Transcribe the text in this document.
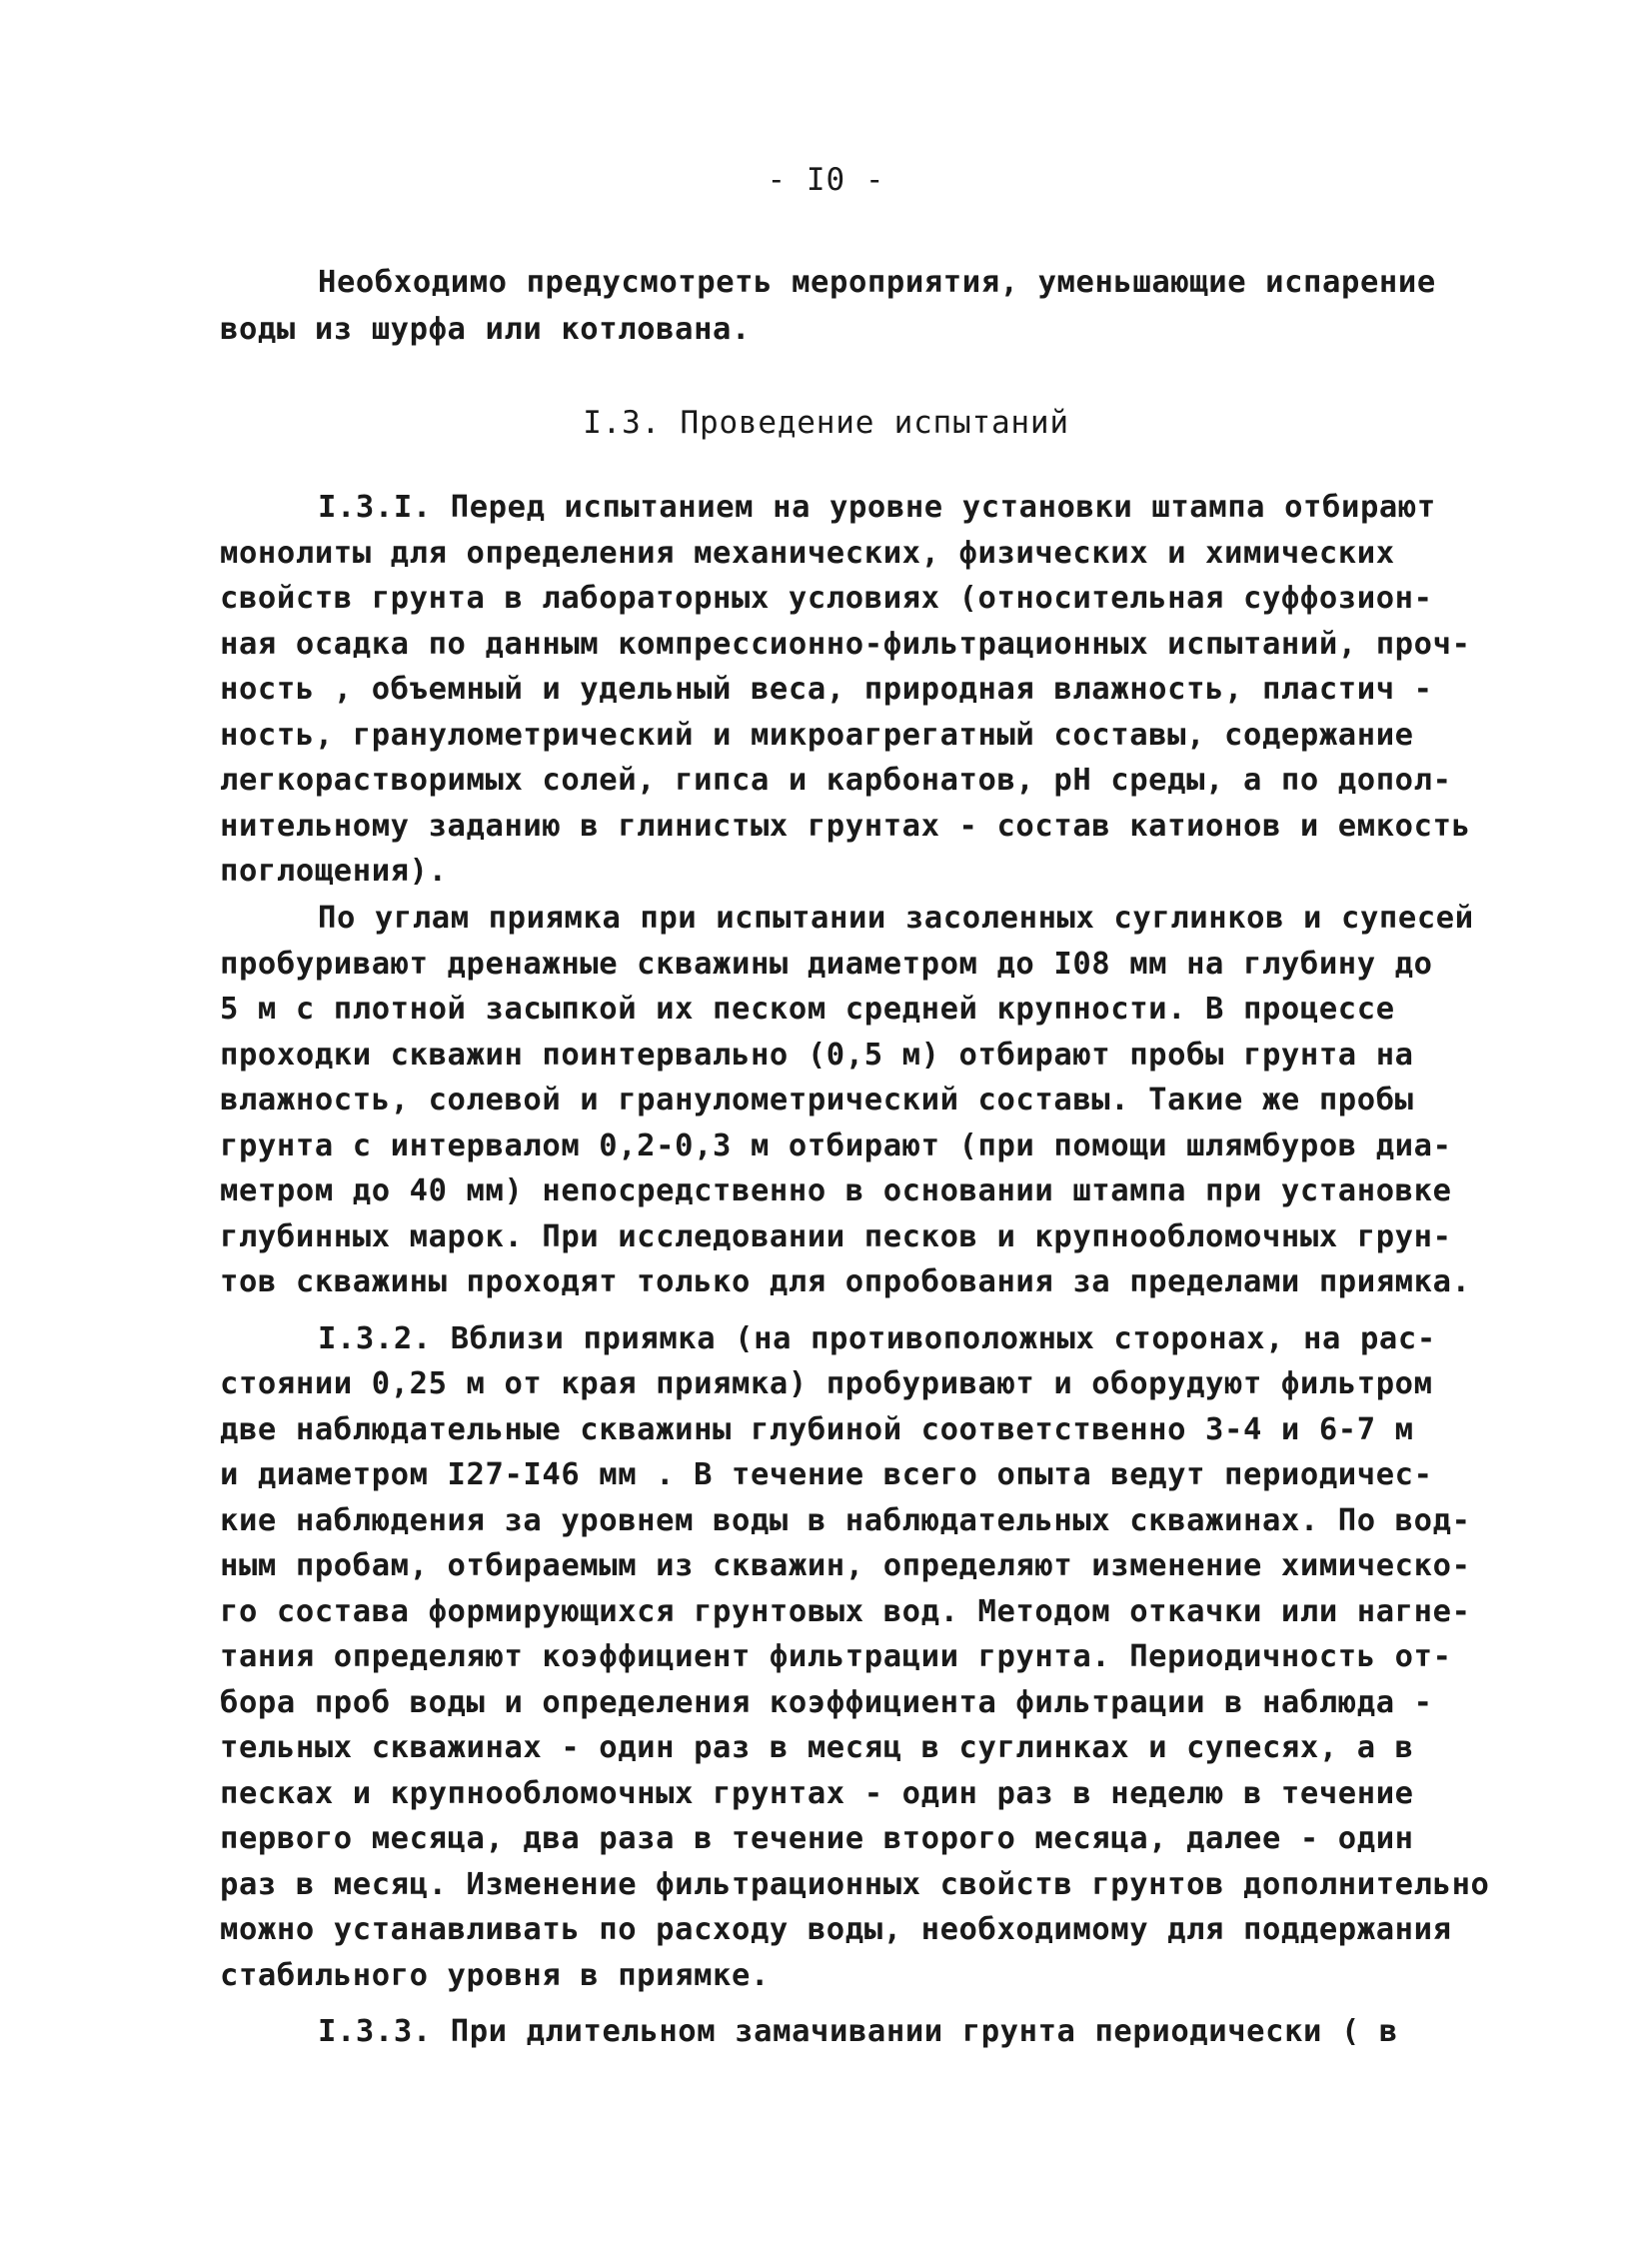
- I0 -
Необходимо предусмотреть мероприятия, уменьшающие испарение
воды из шурфа или котлована.
I.3. Проведение испытаний
I.3.I. Перед испытанием на уровне установки штампа отбирают
монолиты для определения механических, физических и химических
свойств грунта в лабораторных условиях (относительная суффозион-
ная осадка по данным компрессионно-фильтрационных испытаний, проч-
ность , объемный и удельный веса, природная влажность, пластич -
ность, гранулометрический и микроагрегатный составы, содержание
легкорастворимых солей, гипса и карбонатов, рН среды, а по допол-
нительному заданию в глинистых грунтах - состав катионов и емкость
поглощения).
По углам приямка при испытании засоленных суглинков и супесей
пробуривают дренажные скважины диаметром до I08 мм на глубину до
5 м с плотной засыпкой их песком средней крупности. В процессе
проходки скважин поинтервально (0,5 м) отбирают пробы грунта на
влажность, солевой и гранулометрический составы. Такие же пробы
грунта с интервалом 0,2-0,3 м отбирают (при помощи шлямбуров диа-
метром до 40 мм) непосредственно в основании штампа при установке
глубинных марок. При исследовании песков и крупнообломочных грун-
тов скважины проходят только для опробования за пределами приямка.
I.3.2. Вблизи приямка (на противоположных сторонах, на рас-
стоянии 0,25 м от края приямка) пробуривают и оборудуют фильтром
две наблюдательные скважины глубиной соответственно 3-4 и 6-7 м
и диаметром I27-I46 мм . В течение всего опыта ведут периодичес-
кие наблюдения за уровнем воды в наблюдательных скважинах. По вод-
ным пробам, отбираемым из скважин, определяют изменение химическо-
го состава формирующихся грунтовых вод. Методом откачки или нагне-
тания определяют коэффициент фильтрации грунта. Периодичность от-
бора проб воды и определения коэффициента фильтрации в наблюда -
тельных скважинах - один раз в месяц в суглинках и супесях, а в
песках и крупнообломочных грунтах - один раз в неделю в течение
первого месяца, два раза в течение второго месяца, далее - один
раз в месяц. Изменение фильтрационных свойств грунтов дополнительно
можно устанавливать по расходу воды, необходимому для поддержания
стабильного уровня в приямке.
I.3.3. При длительном замачивании грунта периодически ( в
